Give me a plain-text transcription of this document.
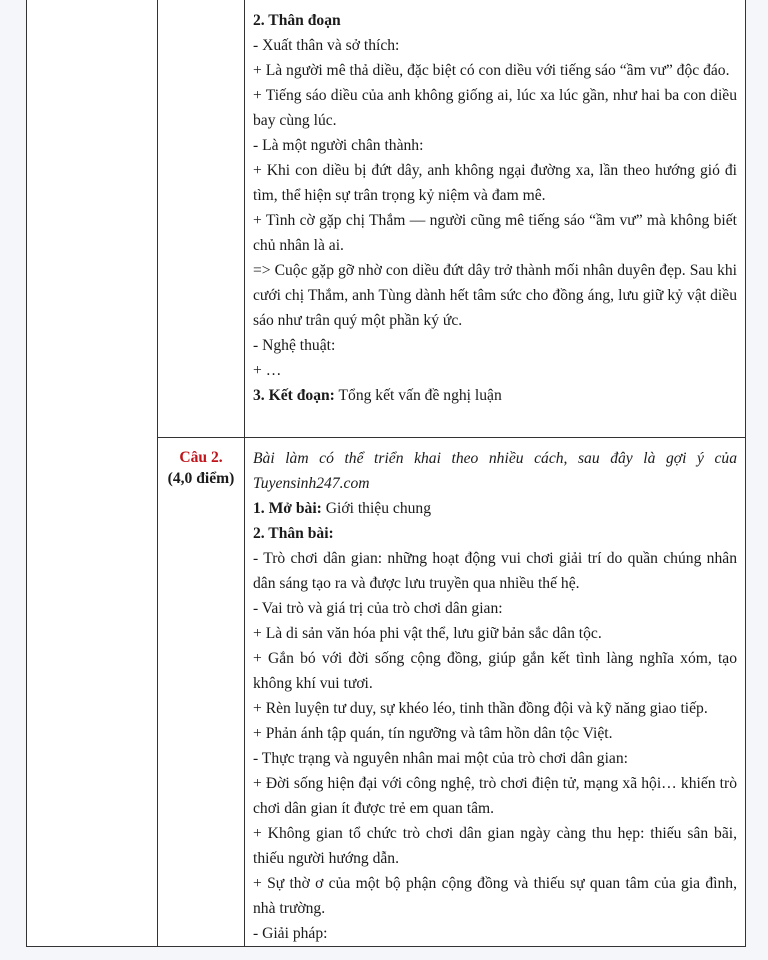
2. Thân đoạn

- Xuất thân và sở thích:

+ Là người mê thả diều, đặc biệt có con diều với tiếng sáo “ầm vư” độc đáo.

+ Tiếng sáo diều của anh không giống ai, lúc xa lúc gần, như hai ba con diều bay cùng lúc.

- Là một người chân thành:

+ Khi con diều bị đứt dây, anh không ngại đường xa, lần theo hướng gió đi tìm, thể hiện sự trân trọng kỷ niệm và đam mê.

+ Tình cờ gặp chị Thắm — người cũng mê tiếng sáo “ầm vư” mà không biết chủ nhân là ai.

=> Cuộc gặp gỡ nhờ con diều đứt dây trở thành mối nhân duyên đẹp. Sau khi cưới chị Thắm, anh Tùng dành hết tâm sức cho đồng áng, lưu giữ kỷ vật diều sáo như trân quý một phần ký ức.

- Nghệ thuật:

+ …

3. Kết đoạn: Tổng kết vấn đề nghị luận

Câu 2.
(4,0 điểm)

Bài làm có thể triển khai theo nhiều cách, sau đây là gợi ý của Tuyensinh247.com

1. Mở bài: Giới thiệu chung

2. Thân bài:

- Trò chơi dân gian: những hoạt động vui chơi giải trí do quần chúng nhân dân sáng tạo ra và được lưu truyền qua nhiều thế hệ.

- Vai trò và giá trị của trò chơi dân gian:

+ Là di sản văn hóa phi vật thể, lưu giữ bản sắc dân tộc.

+ Gắn bó với đời sống cộng đồng, giúp gắn kết tình làng nghĩa xóm, tạo không khí vui tươi.

+ Rèn luyện tư duy, sự khéo léo, tinh thần đồng đội và kỹ năng giao tiếp.

+ Phản ánh tập quán, tín ngưỡng và tâm hồn dân tộc Việt.

- Thực trạng và nguyên nhân mai một của trò chơi dân gian:

+ Đời sống hiện đại với công nghệ, trò chơi điện tử, mạng xã hội… khiến trò chơi dân gian ít được trẻ em quan tâm.

+ Không gian tổ chức trò chơi dân gian ngày càng thu hẹp: thiếu sân bãi, thiếu người hướng dẫn.

+ Sự thờ ơ của một bộ phận cộng đồng và thiếu sự quan tâm của gia đình, nhà trường.

- Giải pháp:
